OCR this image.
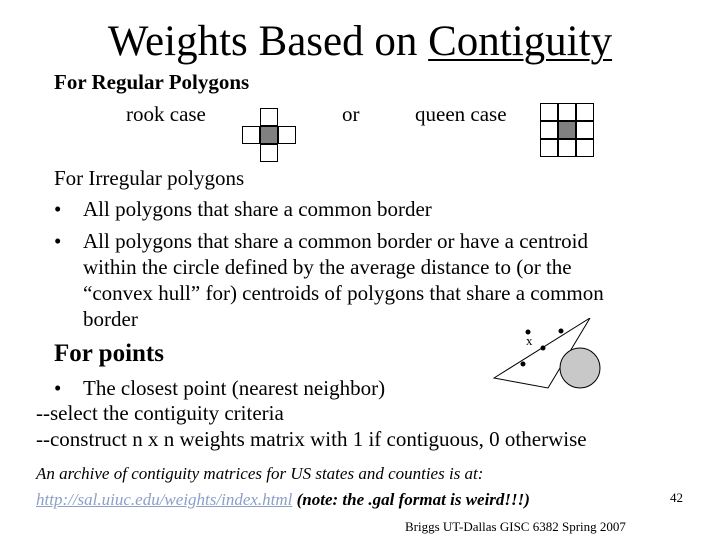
Weights Based on Contiguity
For Regular Polygons
rook case	or	queen case
For Irregular polygons
• All polygons that share a common border
• All polygons that share a common border or have a centroid
within the circle defined by the average distance to (or the
“convex hull” for) centroids of polygons that share a common
border
For points	x
• The closest point (nearest neighbor)
--select the contiguity criteria
--construct n x n weights matrix with 1 if contiguous, 0 otherwise
An archive of contiguity matrices for US states and counties is at:
http://sal.uiuc.edu/weights/index.html (note: the .gal format is weird!!!)	42
Briggs UT-Dallas GISC 6382 Spring 2007
